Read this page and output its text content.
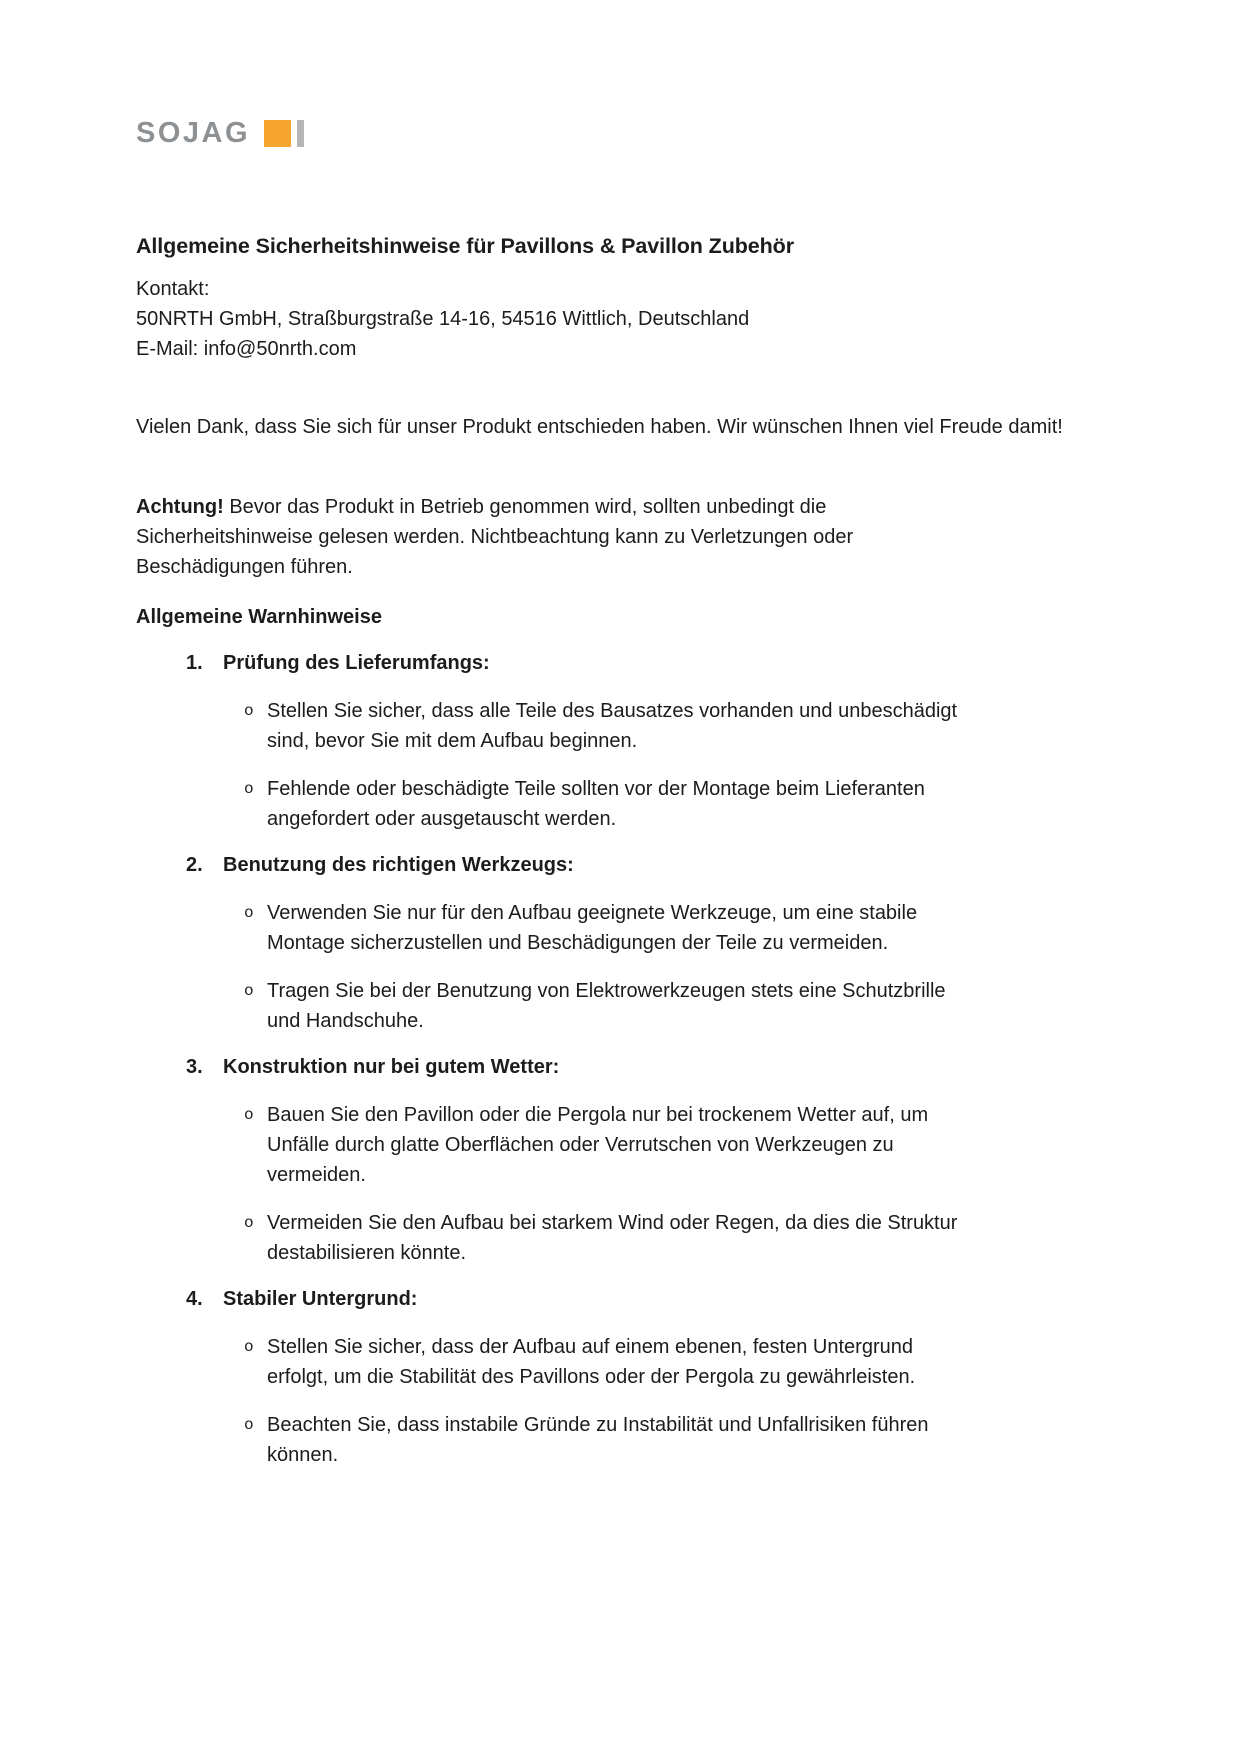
SOJAG
Allgemeine Sicherheitshinweise für Pavillons & Pavillon Zubehör
Kontakt:
50NRTH GmbH, Straßburgstraße 14-16, 54516 Wittlich, Deutschland
E-Mail: info@50nrth.com

Vielen Dank, dass Sie sich für unser Produkt entschieden haben. Wir wünschen Ihnen viel Freude damit!

Achtung! Bevor das Produkt in Betrieb genommen wird, sollten unbedingt die Sicherheitshinweise gelesen werden. Nichtbeachtung kann zu Verletzungen oder Beschädigungen führen.

Allgemeine Warnhinweise
1.	Prüfung des Lieferumfangs:
o Stellen Sie sicher, dass alle Teile des Bausatzes vorhanden und unbeschädigt sind, bevor Sie mit dem Aufbau beginnen.
o Fehlende oder beschädigte Teile sollten vor der Montage beim Lieferanten angefordert oder ausgetauscht werden.
2.	Benutzung des richtigen Werkzeugs:
o Verwenden Sie nur für den Aufbau geeignete Werkzeuge, um eine stabile Montage sicherzustellen und Beschädigungen der Teile zu vermeiden.
o Tragen Sie bei der Benutzung von Elektrowerkzeugen stets eine Schutzbrille und Handschuhe.
3.	Konstruktion nur bei gutem Wetter:
o Bauen Sie den Pavillon oder die Pergola nur bei trockenem Wetter auf, um Unfälle durch glatte Oberflächen oder Verrutschen von Werkzeugen zu vermeiden.
o Vermeiden Sie den Aufbau bei starkem Wind oder Regen, da dies die Struktur destabilisieren könnte.
4.	Stabiler Untergrund:
o Stellen Sie sicher, dass der Aufbau auf einem ebenen, festen Untergrund erfolgt, um die Stabilität des Pavillons oder der Pergola zu gewährleisten.
o Beachten Sie, dass instabile Gründe zu Instabilität und Unfallrisiken führen können.
